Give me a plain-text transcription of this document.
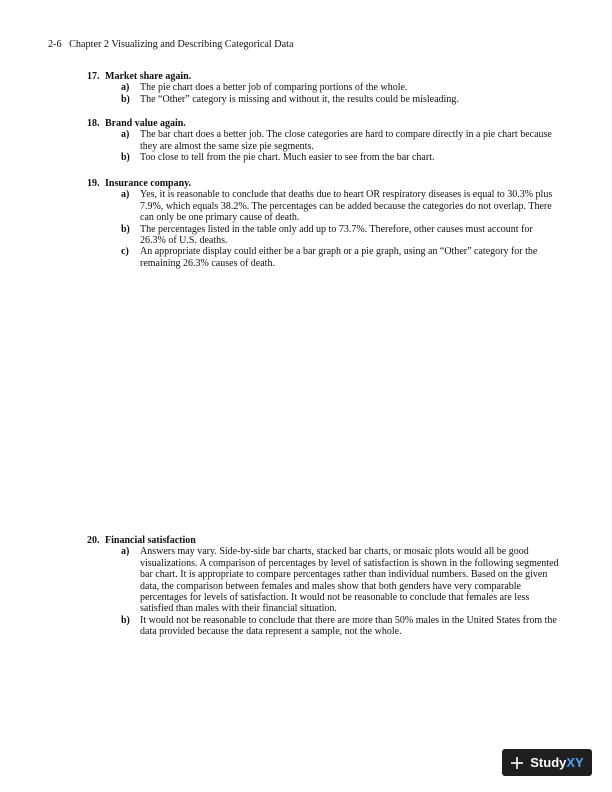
2-6 Chapter 2 Visualizing and Describing Categorical Data
17. Market share again.
a) The pie chart does a better job of comparing portions of the whole.
b) The “Other” category is missing and without it, the results could be misleading.
18. Brand value again.
a) The bar chart does a better job. The close categories are hard to compare directly in a pie chart because they are almost the same size pie segments.
b) Too close to tell from the pie chart. Much easier to see from the bar chart.
19. Insurance company.
a) Yes, it is reasonable to conclude that deaths due to heart OR respiratory diseases is equal to 30.3% plus 7.9%, which equals 38.2%. The percentages can be added because the categories do not overlap. There can only be one primary cause of death.
b) The percentages listed in the table only add up to 73.7%. Therefore, other causes must account for 26.3% of U.S. deaths.
c) An appropriate display could either be a bar graph or a pie graph, using an “Other” category for the remaining 26.3% causes of death.
20. Financial satisfaction
a) Answers may vary. Side-by-side bar charts, stacked bar charts, or mosaic plots would all be good visualizations. A comparison of percentages by level of satisfaction is shown in the following segmented bar chart. It is appropriate to compare percentages rather than individual numbers. Based on the given data, the comparison between females and males show that both genders have very comparable percentages for levels of satisfaction. It would not be reasonable to conclude that females are less satisfied than males with their financial situation.
b) It would not be reasonable to conclude that there are more than 50% males in the United States from the data provided because the data represent a sample, not the whole.
Study XY
